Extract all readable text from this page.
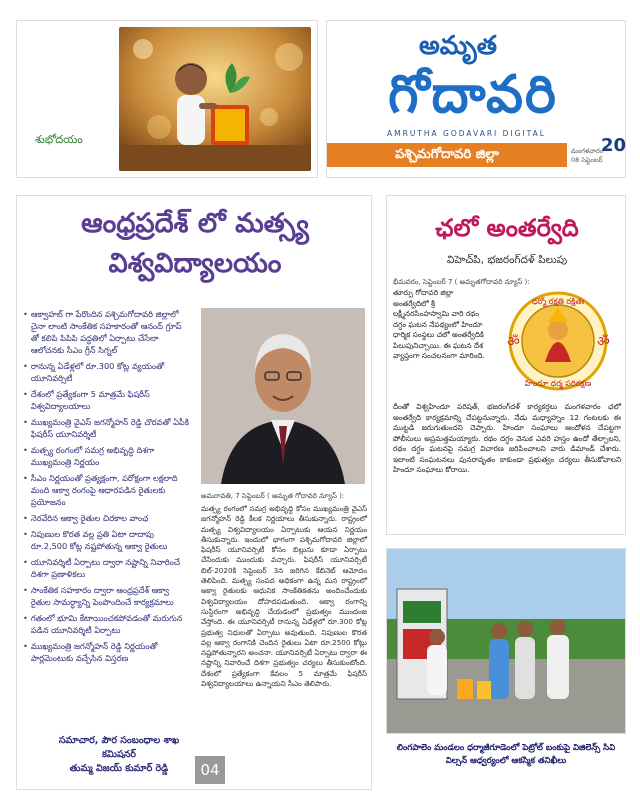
శుభోదయం
అమృత
గోదావరి
AMRUTHA GODAVARI DIGITAL
పశ్చిమగోదావరి జిల్లా	మంగళవారం
08 సెప్టెంబర్
20
ఆంధ్రప్రదేశ్ లో మత్స్య
విశ్వవిద్యాలయం
• ఆక్వాహబ్ గా పేరొందిన పశ్చిమగోదావరి జిల్లాలో చైనా లాంటి సాంకేతిక సహకారంతో ఆనంద్ గ్రూప్ తో కలిపి పిపిపి పద్ధతిలో ఏర్పాటు చేసేలా ఆలోచనకు సీఎం గ్రీన్ సిగ్నల్
• రానున్న ఏడేళ్లలో రూ.300 కోట్ల వ్యయంతో యూనివర్సిటీ
• దేశంలో ప్రత్యేకంగా 5 మాత్రమే ఫిషరీస్ విశ్వవిద్యాలయాలు
• ముఖ్యమంత్రి వైఎస్ జగన్మోహన్ రెడ్డి చొరవతో ఏపీకి ఫిషరీస్ యూనివర్శిటీ
• మత్స్య రంగంలో సమగ్ర అభివృద్ధి దిశగా ముఖ్యమంత్రి నిర్ణయం
• సీఎం నిర్ణయంతో ప్రత్యక్షంగా, పరోక్షంగా లక్షలాది మంది ఆక్వా రంగంపై ఆధారపడిన రైతులకు ప్రయోజనం
• నెరవేరిన ఆక్వా రైతుల చిరకాల వాంఛ
• నిపుణుల కొరత వల్ల ప్రతి ఏటా దాదాపు రూ.2,500 కోట్ల నష్టపోతున్న ఆక్వా రైతులు
• యూనివర్శిటీ ఏర్పాటు ద్వారా నష్టాన్ని నివారించే దిశగా ప్రణాళికలు
• సాంకేతిక సహకారం ద్వారా ఆంధ్రప్రదేశ్ ఆక్వా రైతుల సామర్ధ్యాన్ని పెంపొందించే కార్యక్రమాలు
• గతంలో భూమి కేటాయించకపోవడంతో మరుగున పడిన యూనివర్శిటీ ఏర్పాటు
• ముఖ్యమంత్రి జగన్మోహన్ రెడ్డి నిర్ణయంతో పార్లమెంటుకు వచ్చేసిన విస్తరణ
అమరావతి, 7 సెప్టెంబర్ ( అమృత గోదావరి న్యూస్ ):
మత్స్య రంగంలో సమగ్ర అభివృద్ధి కోసం ముఖ్యమంత్రి వైఎస్ జగన్మోహన్ రెడ్డి కీలక నిర్ణయాలు తీసుకున్నారు. రాష్ట్రంలో మత్స్య విశ్వవిద్యాలయం ఏర్పాటుకు ఆయన నిర్ణయం తీసుకున్నారు. ఇందులో భాగంగా పశ్చిమగోదావరి జిల్లాలో ఫిషరీస్ యూనివర్సిటీ కోసం బిల్లును కూడా ఏర్పాటు చేసేందుకు ముందుకు వచ్చారు. ఫిషరీస్ యూనివర్సిటీ బిల్-2020కి సెప్టెంబర్ 3న జరిగిన కేబినెట్ ఆమోదం తెలిపింది. మత్స్య సంపద అధికంగా ఉన్న మన రాష్ట్రంలో ఆక్వా రైతులకు ఆధునిక సాంకేతికతను అందించేందుకు విశ్వవిద్యాలయం దోహదపడుతుంది. ఆక్వా రంగాన్ని సుస్థిరంగా అభివృద్ధి చేయడంలో ప్రభుత్వం ముందంజ వేస్తోంది. ఈ యూనివర్సిటీ రానున్న ఏడేళ్లలో రూ.300 కోట్ల ప్రభుత్వ నిధులతో ఏర్పాటు అవుతుంది. నిపుణుల కొరత వల్ల ఆక్వా రంగానికి చెందిన రైతులు ఏటా రూ.2500 కోట్లు నష్టపోతున్నారని అంచనా. యూనివర్సిటీ ఏర్పాటు ద్వారా ఈ నష్టాన్ని నివారించే దిశగా ప్రభుత్వం చర్యలు తీసుకుంటోంది. దేశంలో ప్రత్యేకంగా కేవలం 5 మాత్రమే ఫిషరీస్ విశ్వవిద్యాలయాలు ఉన్నాయని సీఎం తెలిపారు.
సమాచార, పౌర సంబంధాల శాఖ
కమిషనర్
తుమ్మ విజయ్ కుమార్ రెడ్డి	04
ఛలో అంతర్వేది
విహెచ్‌పి, భజరంగ్‌దళ్ పిలుపు
భీమవరం, సెప్టెంబర్ 7 ( అమృతగోదావరి న్యూస్ ):
తూర్పు గోదావరి జిల్లా అంతర్వేదిలో శ్రీ లక్ష్మీనరసింహస్వామి వారి రథం దగ్ధం ఘటన నేపథ్యంలో హిందూ ధార్మిక సంస్థలు చలో అంతర్వేదికి పిలుపునిచ్చాయి. ఈ ఘటన దేశ వ్యాప్తంగా సంచలనంగా మారింది.
ధర్మో రక్షతి రక్షితః
హిందూ ధర్మ పరిరక్షణ
ॐ	ॐ
దీంతో విశ్వహిందూ పరిషత్, భజరంగ్‌దళ్ కార్యకర్తలు మంగళవారం ఛలో అంతర్వేది కార్యక్రమాన్ని చేపట్టనున్నారు. నేడు మధ్యాహ్నం 12 గంటలకు ఈ ముట్టడి జరుగుతుందని చెప్పారు. హిందూ సంఘాలు ఆందోళన చేపట్టగా పోలీసులు అప్రమత్తమయ్యారు. రథం దగ్ధం వెనుక ఎవరి హస్తం ఉందో తేల్చాలని, రథం దగ్ధం ఘటనపై సమగ్ర విచారణ జరిపించాలని వారు డిమాండ్ చేశారు. ఇలాంటి సంఘటనలు పునరావృతం కాకుండా ప్రభుత్వం చర్యలు తీసుకోవాలని హిందూ సంఘాలు కోరాయి.
లింగపాలెం మండలం ధర్మాజీగూడెంలో పెట్రోల్ బంకుపై విజిలెన్స్ సివి విల్సన్ ఆధ్వర్యంలో ఆకస్మిక తనిఖీలు
